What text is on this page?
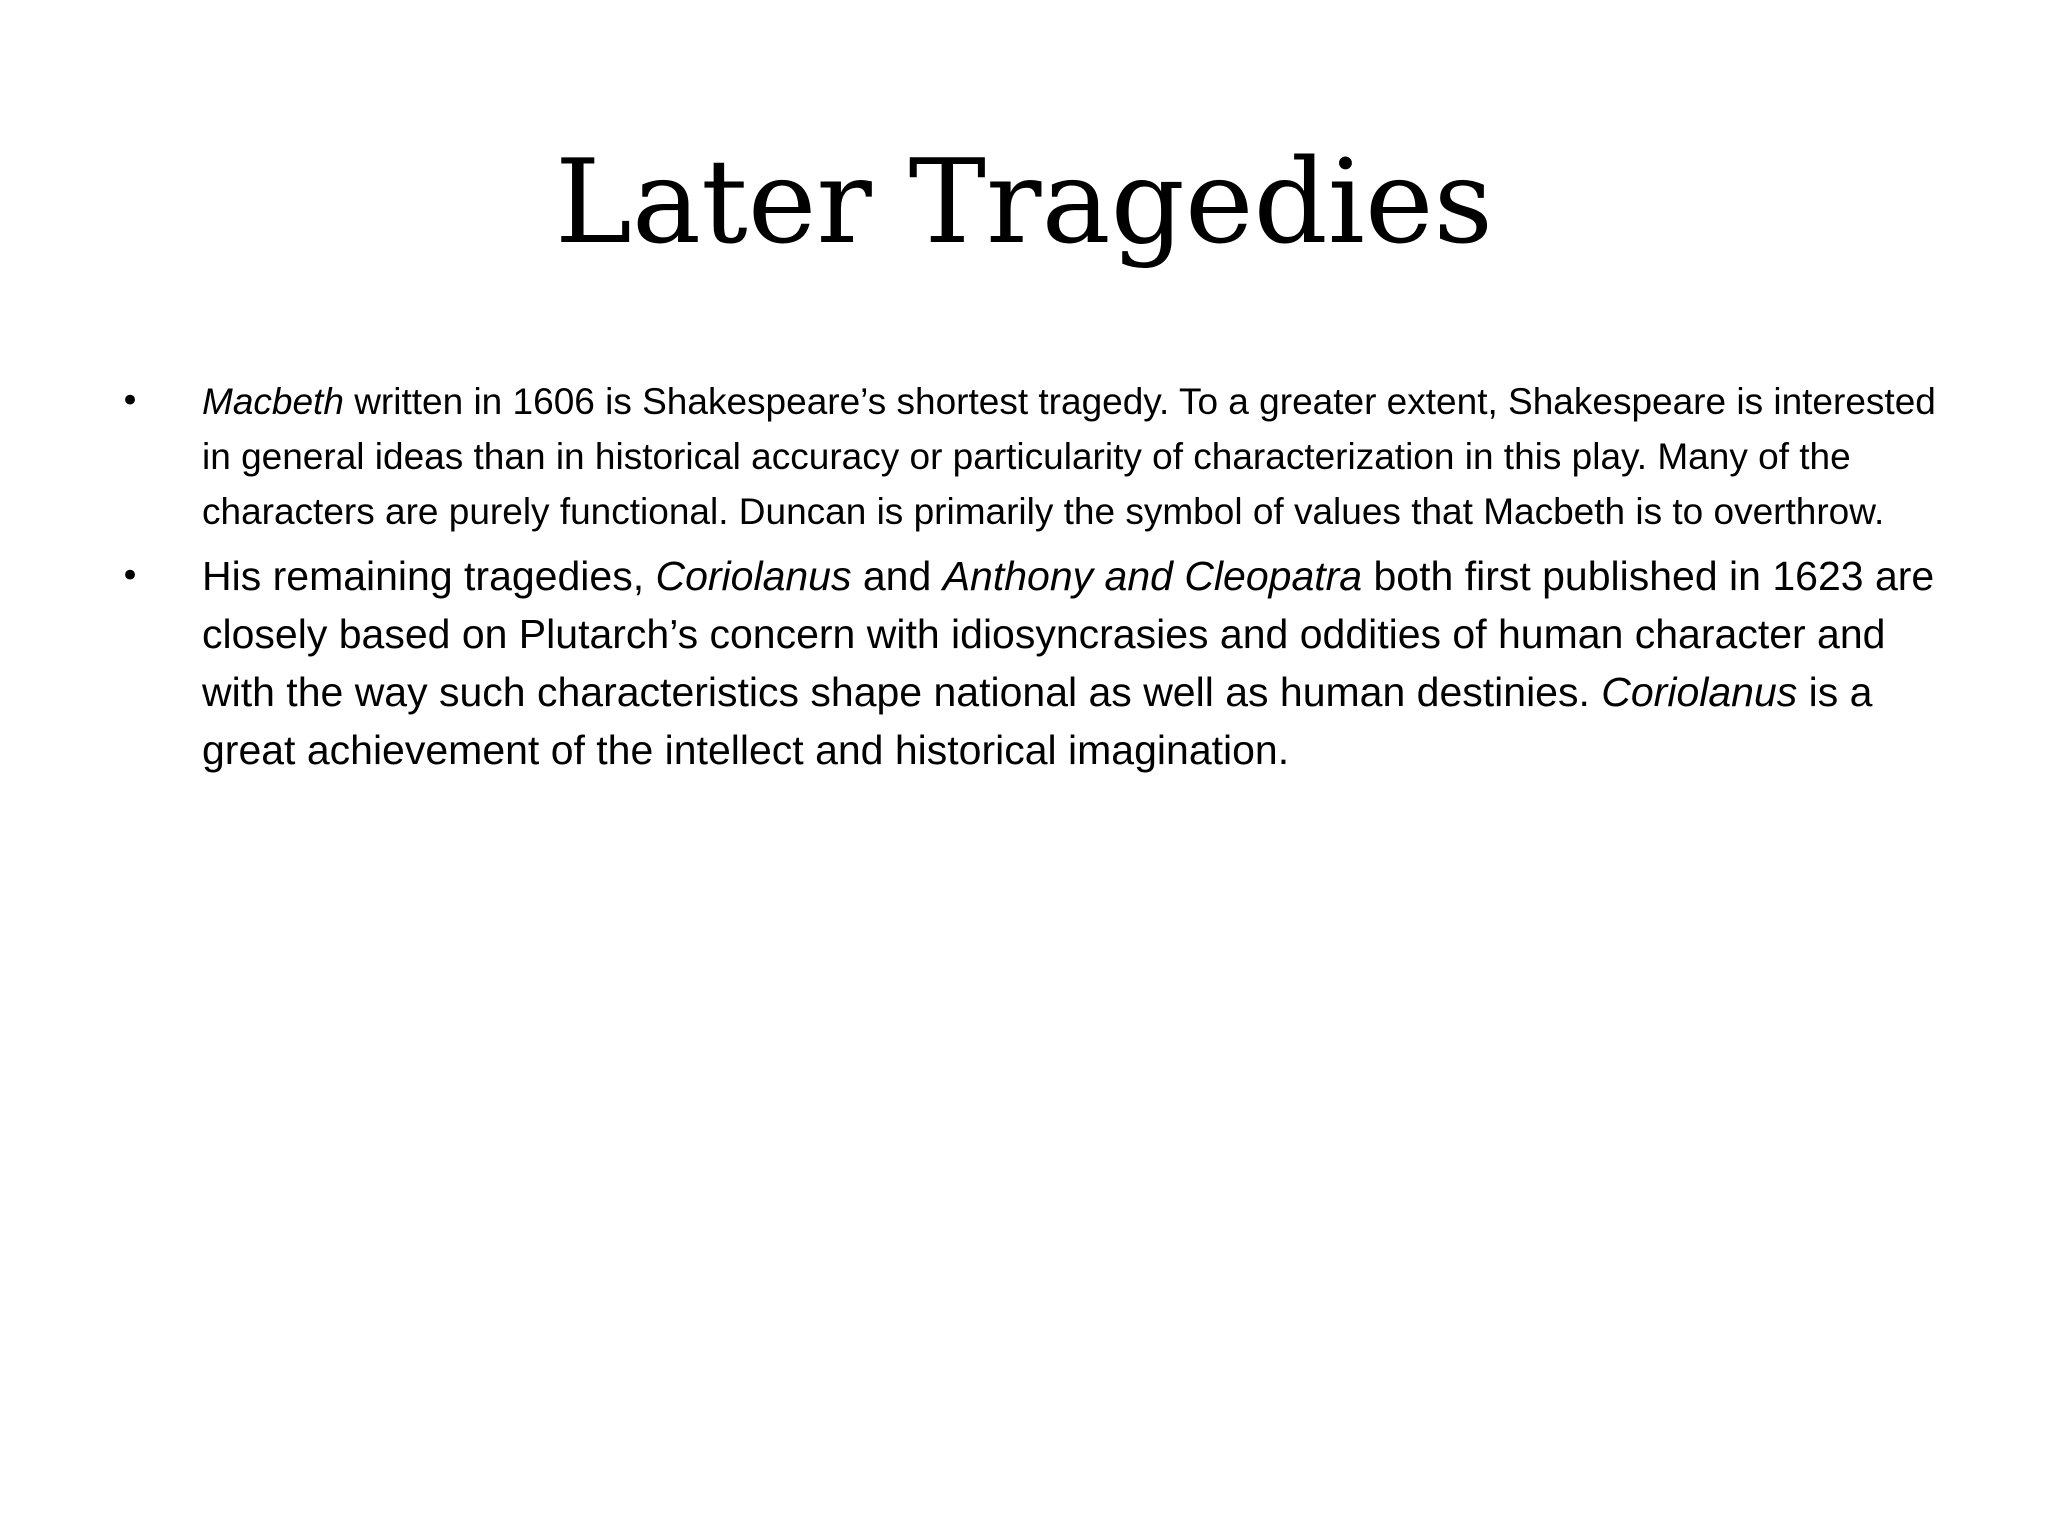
Later Tragedies
• Macbeth written in 1606 is Shakespeare’s shortest tragedy. To a greater extent, Shakespeare is interested in general ideas than in historical accuracy or particularity of characterization in this play. Many of the characters are purely functional. Duncan is primarily the symbol of values that Macbeth is to overthrow.
• His remaining tragedies, Coriolanus and Anthony and Cleopatra both first published in 1623 are closely based on Plutarch’s concern with idiosyncrasies and oddities of human character and with the way such characteristics shape national as well as human destinies. Coriolanus is a great achievement of the intellect and historical imagination.
